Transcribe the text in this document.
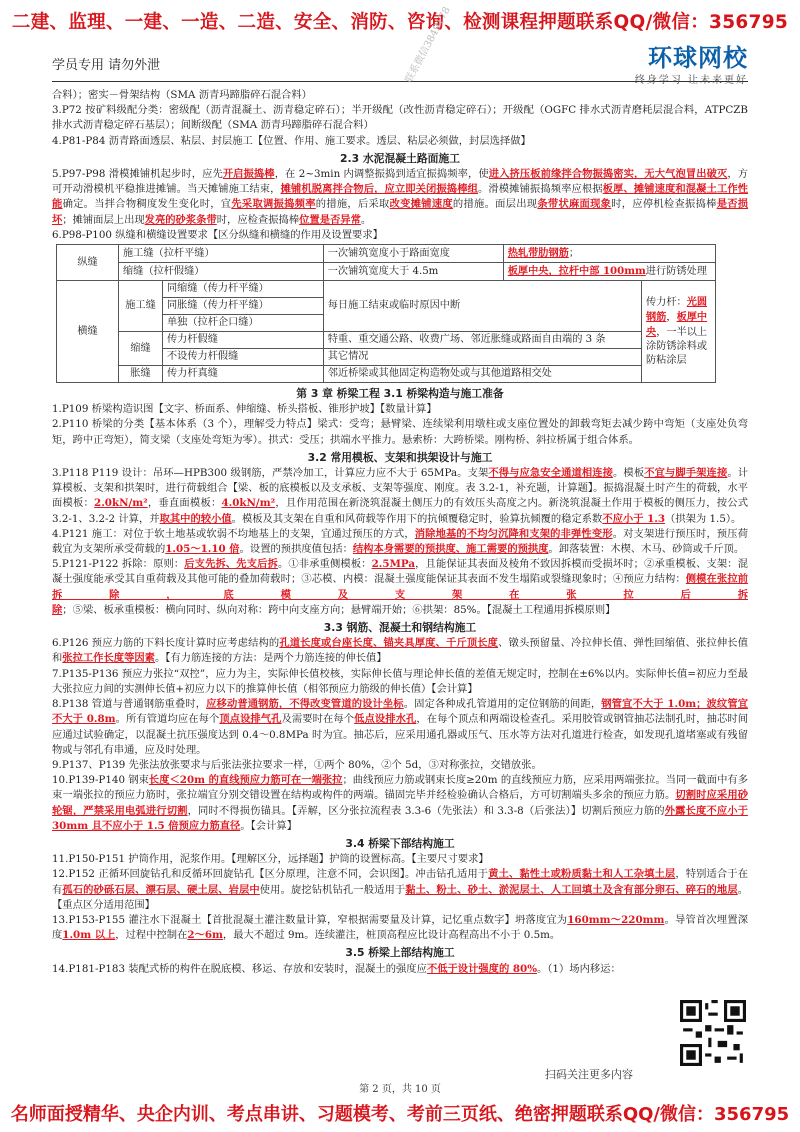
二建、监理、一建、一造、二造、安全、消防、咨询、检测课程押题联系QQ/微信：356795
学员专用 请勿外泄	环球网校
终身学习 让未来更好
联系微信3849178

合料）；密实－骨架结构（SMA 沥青玛蹄脂碎石混合料）

3.P72 按矿料级配分类：密级配（沥青混凝土、沥青稳定碎石）；半开级配（改性沥青稳定碎石）；开级配（OGFC 排水式沥青磨耗层混合料，ATPCZB 排水式沥青稳定碎石基层）；间断级配（SMA 沥青玛蹄脂碎石混合料）

4.P81-P84 沥青路面透层、粘层、封层施工【位置、作用、施工要求。透层、粘层必须做，封层选择做】

2.3 水泥混凝土路面施工

5.P97-P98 滑模摊铺机起步时，应先开启振捣棒，在 2~3min 内调整振捣到适宜振捣频率，使进入挤压板前缘拌合物振捣密实，无大气泡冒出破灭，方可开动滑模机平稳推进摊铺。当天摊铺施工结束，摊铺机脱离拌合物后，应立即关闭振捣棒组。滑模摊铺振捣频率应根据板厚、摊铺速度和混凝土工作性能确定。当拌合物稠度发生变化时，宜先采取调振捣频率的措施，后采取改变摊铺速度的措施。面层出现条带状麻面现象时，应停机检查振捣棒是否损坏；摊铺面层上出现发亮的砂浆条带时，应检查振捣棒位置是否异常。

6.P98-P100 纵缝和横缝设置要求【区分纵缝和横缝的作用及设置要求】

纵缝	施工缝（拉杆平缝）		一次铺筑宽度小于路面宽度	热轧带肋钢筋；	
	缩缝（拉杆假缝）		一次铺筑宽度大于 4.5m	板厚中央，拉杆中部 100mm进行防锈处理	
横缝	施工缝	同缩缝（传力杆平缝）	每日施工结束或临时原因中断		传力杆：光圆钢筋，板厚中央，一半以上涂防锈涂料或防粘涂层
		同胀缝（传力杆平缝）			
		单独（拉杆企口缝）			
	缩缝	传力杆假缝	特重、重交通公路、收费广场、邻近胀缝或路面自由端的 3 条		
		不设传力杆假缝	其它情况		
	胀缝	传力杆真缝	邻近桥梁或其他固定构造物处或与其他道路相交处		
第 3 章 桥梁工程 3.1 桥梁构造与施工准备

1.P109 桥梁构造识图【文字、桥面系、伸缩缝、桥头搭板、锥形护坡】【数量计算】

2.P110 桥梁的分类【基本体系（3 个），理解受力特点】梁式：受弯；悬臂梁、连续梁利用墩柱或支座位置处的卸载弯矩去减少跨中弯矩（支座处负弯矩，跨中正弯矩），简支梁（支座处弯矩为零）。拱式：受压；拱端水平推力。悬索桥：大跨桥梁。刚构桥、斜拉桥属于组合体系。

3.2 常用模板、支架和拱架设计与施工

3.P118 P119 设计：吊环—HPB300 级钢筋，严禁冷加工，计算应力应不大于 65MPa。支架不得与应急安全通道相连接。模板不宜与脚手架连接。计算模板、支架和拱架时，进行荷载组合【梁、板的底模板以及支承板、支架等强度、刚度。表 3.2-1，补充题，计算题】。振捣混凝土时产生的荷载，水平面模板：2.0kN/m²，垂直面模板：4.0kN/m²，且作用范围在新浇筑混凝土侧压力的有效压头高度之内。新浇筑混凝土作用于模板的侧压力，按公式 3.2-1、3.2-2 计算，并取其中的较小值。模板及其支架在自重和风荷载等作用下的抗倾覆稳定时，验算抗倾覆的稳定系数不应小于 1.3（拱架为 1.5）。

4.P121 施工：对位于软土地基或软弱不均地基上的支架，宜通过预压的方式，消除地基的不均匀沉降和支架的非弹性变形。对支架进行预压时，预压荷载宜为支架所承受荷载的1.05～1.10 倍。设置的预拱度值包括：结构本身需要的预拱度、施工需要的预拱度。卸落装置：木楔、木马、砂筒或千斤顶。

5.P121-P122 拆除：原则：后支先拆、先支后拆。①非承重侧模板：2.5MPa，且能保证其表面及棱角不致因拆模而受损坏时；②承重模板、支架：混凝土强度能承受其自重荷载及其他可能的叠加荷载时；③芯模、内模：混凝土强度能保证其表面不发生塌陷或裂缝现象时；④预应力结构：侧模在张拉前拆除，底模及支架在张拉后拆除；⑤梁、板承重模板：横向同时、纵向对称：跨中向支座方向；悬臂端开始；⑥拱架：85%。【混凝土工程通用拆模原则】

3.3 钢筋、混凝土和钢结构施工

6.P126 预应力筋的下料长度计算时应考虑结构的孔道长度或台座长度、锚夹具厚度、千斤顶长度、镦头预留量、冷拉伸长值、弹性回缩值、张拉伸长值和张拉工作长度等因素。【有力筋连接的方法：是两个力筋连接的伸长值】

7.P135-P136 预应力张拉“双控”，应力为主，实际伸长值校核，实际伸长值与理论伸长值的差值无规定时，控制在±6%以内。实际伸长值=初应力至最大张拉应力间的实测伸长值+初应力以下的推算伸长值（相邻预应力筋级的伸长值）【会计算】

8.P138 管道与普通钢筋重叠时，应移动普通钢筋，不得改变管道的设计坐标。固定各种成孔管道用的定位钢筋的间距，钢管宜不大于 1.0m；波纹管宜不大于 0.8m。所有管道均应在每个顶点设排气孔及需要时在每个低点设排水孔，在每个顶点和两端设检查孔。采用胶管或钢管抽芯法制孔时，抽芯时间应通过试验确定，以混凝土抗压强度达到 0.4～0.8MPa 时为宜。抽芯后，应采用通孔器或压气、压水等方法对孔道进行检查，如发现孔道堵塞或有残留物或与邻孔有串通，应及时处理。

9.P137、P139 先张法放张要求与后张法张拉要求一样，①两个 80%，②个 5d，③对称张拉，交错放张。

10.P139-P140 钢束长度＜20m 的直线预应力筋可在一端张拉；曲线预应力筋或钢束长度≥20m 的直线预应力筋，应采用两端张拉。当同一截面中有多束一端张拉的预应力筋时，张拉端宜分别交错设置在结构或构件的两端。锚固完毕并经检验确认合格后，方可切割端头多余的预应力筋。切割时应采用砂轮锯，严禁采用电弧进行切割，同时不得损伤锚具。【弄解，区分张拉流程表 3.3-6（先张法）和 3.3-8（后张法）】切割后预应力筋的外露长度不应小于 30mm 且不应小于 1.5 倍预应力筋直径。【会计算】

3.4 桥梁下部结构施工

11.P150-P151 护筒作用，泥浆作用。【理解区分，远择题】护筒的设置标高。【主要尺寸要求】

12.P152 正循环回旋钻孔和反循环回旋钻孔【区分原理，注意不同，会识图】。冲击钻孔适用于黄土、黏性土或粉质黏土和人工杂填土层，特别适合于在有孤石的砂砾石层、漂石层、硬土层、岩层中使用。旋挖钻机钻孔一般适用于黏土、粉土、砂土、淤泥层土、人工回填土及含有部分卵石、碎石的地层。【重点区分适用范围】

13.P153-P155 灌注水下混凝土【首批混凝土灌注数量计算，窄根据需要量及计算，记忆重点数字】坍落度宜为160mm～220mm。导管首次埋置深度1.0m 以上，过程中控制在2～6m，最大不超过 9m。连续灌注，桩顶高程应比设计高程高出不小于 0.5m。

3.5 桥梁上部结构施工

14.P181-P183 装配式桥的构件在脱底模、移运、存放和安装时，混凝土的强度应不低于设计强度的 80%。（1）场内移运：

扫码关注更多内容
第 2 页，共 10 页
名师面授精华、央企内训、考点串讲、习题模考、考前三页纸、绝密押题联系QQ/微信：356795
